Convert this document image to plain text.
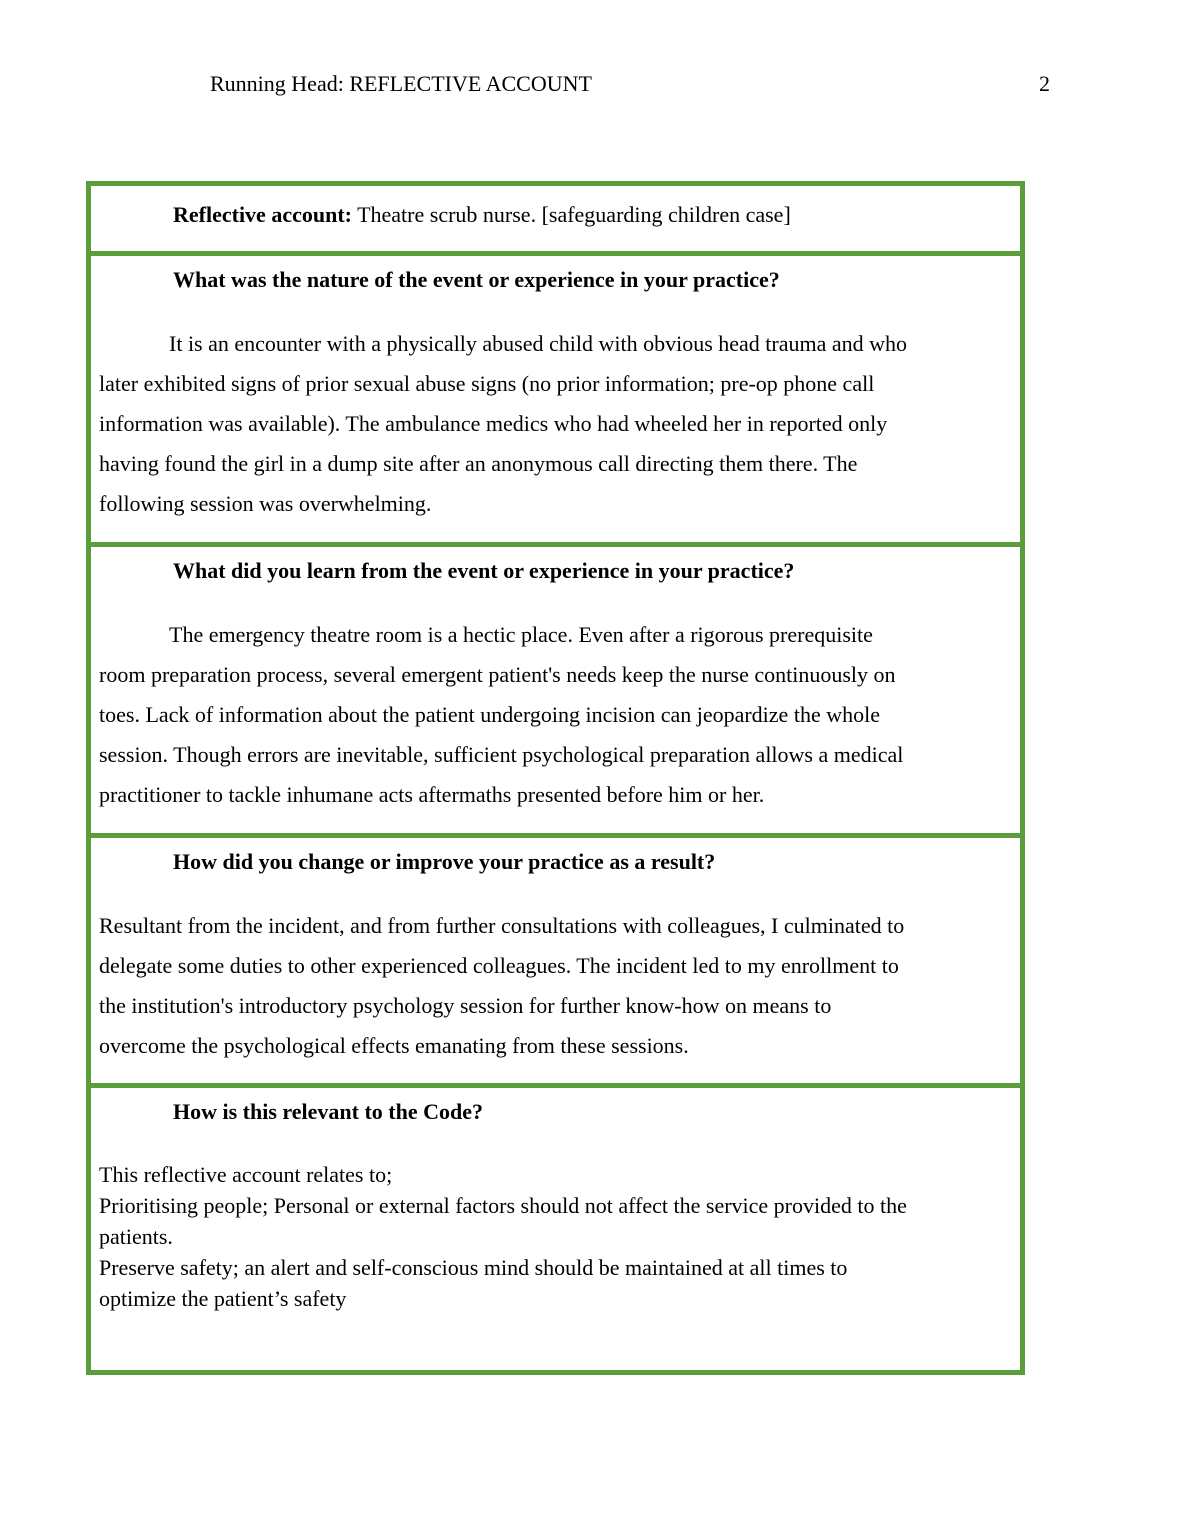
Running Head: REFLECTIVE ACCOUNT	2
Reflective account: Theatre scrub nurse. [safeguarding children case]
What was the nature of the event or experience in your practice?
It is an encounter with a physically abused child with obvious head trauma and who
later exhibited signs of prior sexual abuse signs (no prior information; pre-op phone call
information was available). The ambulance medics who had wheeled her in reported only
having found the girl in a dump site after an anonymous call directing them there. The
following session was overwhelming.
What did you learn from the event or experience in your practice?
The emergency theatre room is a hectic place. Even after a rigorous prerequisite
room preparation process, several emergent patient's needs keep the nurse continuously on
toes. Lack of information about the patient undergoing incision can jeopardize the whole
session. Though errors are inevitable, sufficient psychological preparation allows a medical
practitioner to tackle inhumane acts aftermaths presented before him or her.
How did you change or improve your practice as a result?
Resultant from the incident, and from further consultations with colleagues, I culminated to
delegate some duties to other experienced colleagues. The incident led to my enrollment to
the institution's introductory psychology session for further know-how on means to
overcome the psychological effects emanating from these sessions.
How is this relevant to the Code?
This reflective account relates to;
Prioritising people; Personal or external factors should not affect the service provided to the
patients.
Preserve safety; an alert and self-conscious mind should be maintained at all times to
optimize the patient’s safety
